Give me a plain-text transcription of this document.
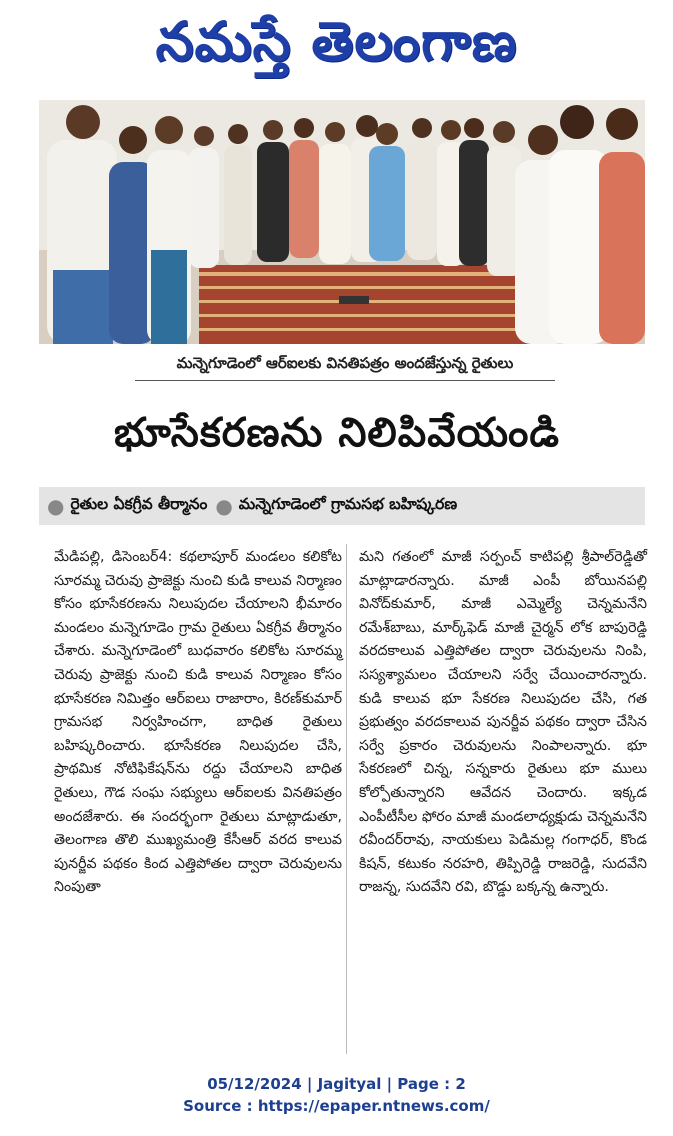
నమస్తే తెలంగాణ
మన్నెగూడెంలో ఆర్‌ఐలకు వినతిపత్రం అందజేస్తున్న రైతులు
భూసేకరణను నిలిపివేయండి
● రైతుల ఏకగ్రీవ తీర్మానం ● మన్నెగూడెంలో గ్రామసభ బహిష్కరణ
మేడిపల్లి, డిసెంబర్‌4: కథలాపూర్‌ మండలం కలికోట సూరమ్మ చెరువు ప్రాజెక్టు నుంచి కుడి కాలువ నిర్మాణం కోసం భూసేకరణను నిలుపుదల చేయాలని భీమారం మండలం మన్నెగూడెం గ్రామ రైతులు ఏకగ్రీవ తీర్మానం చేశారు. మన్నెగూడెంలో బుధవారం కలికోట సూరమ్మ చెరువు ప్రాజెక్టు నుంచి కుడి కాలువ నిర్మాణం కోసం భూసేకరణ నిమిత్తం ఆర్‌ఐలు రాజారాం, కిరణ్‌కుమార్‌ గ్రామసభ నిర్వహించగా, బాధిత రైతులు బహిష్కరించారు. భూసేకరణ నిలుపుదల చేసి, ప్రాథమిక నోటిఫికేషన్‌ను రద్దు చేయాలని బాధిత రైతులు, గౌడ సంఘ సభ్యులు ఆర్‌ఐలకు వినతిపత్రం అందజేశారు. ఈ సందర్భంగా రైతులు మాట్లాడుతూ, తెలంగాణ తొలి ముఖ్యమంత్రి కేసీఆర్‌ వరద కాలువ పునర్జీవ పథకం కింద ఎత్తిపోతల ద్వారా చెరువులను నింపుతా
మని గతంలో మాజీ సర్పంచ్‌ కాటిపల్లి శ్రీపాల్‌రెడ్డితో మాట్లాడారన్నారు. మాజీ ఎంపీ బోయినపల్లి వినోద్‌కుమార్‌, మాజీ ఎమ్మెల్యే చెన్నమనేని రమేశ్‌బాబు, మార్క్‌ఫెడ్‌ మాజీ చైర్మన్‌ లోక బాపురెడ్డి వరదకాలువ ఎత్తిపోతల ద్వారా చెరువులను నింపి, సస్యశ్యామలం చేయాలని సర్వే చేయించారన్నారు. కుడి కాలువ భూ సేకరణ నిలుపుదల చేసి, గత ప్రభుత్వం వరదకాలువ పునర్జీవ పథకం ద్వారా చేసిన సర్వే ప్రకారం చెరువులను నింపాలన్నారు. భూ సేకరణలో చిన్న, సన్నకారు రైతులు భూ ములు కోల్పోతున్నారని ఆవేదన చెందారు. ఇక్కడ ఎంపీటీసీల ఫోరం మాజీ మండలాధ్యక్షుడు చెన్నమనేని రవీందర్‌రావు, నాయకులు పెడిమల్ల గంగాధర్‌, కొండ కిషన్‌, కటుకం నరహరి, తిప్పిరెడ్డి రాజరెడ్డి, సుదవేని రాజన్న, సుదవేని రవి, బొడ్డు బక్కన్న ఉన్నారు.
05/12/2024 | Jagityal | Page : 2
Source : https://epaper.ntnews.com/
